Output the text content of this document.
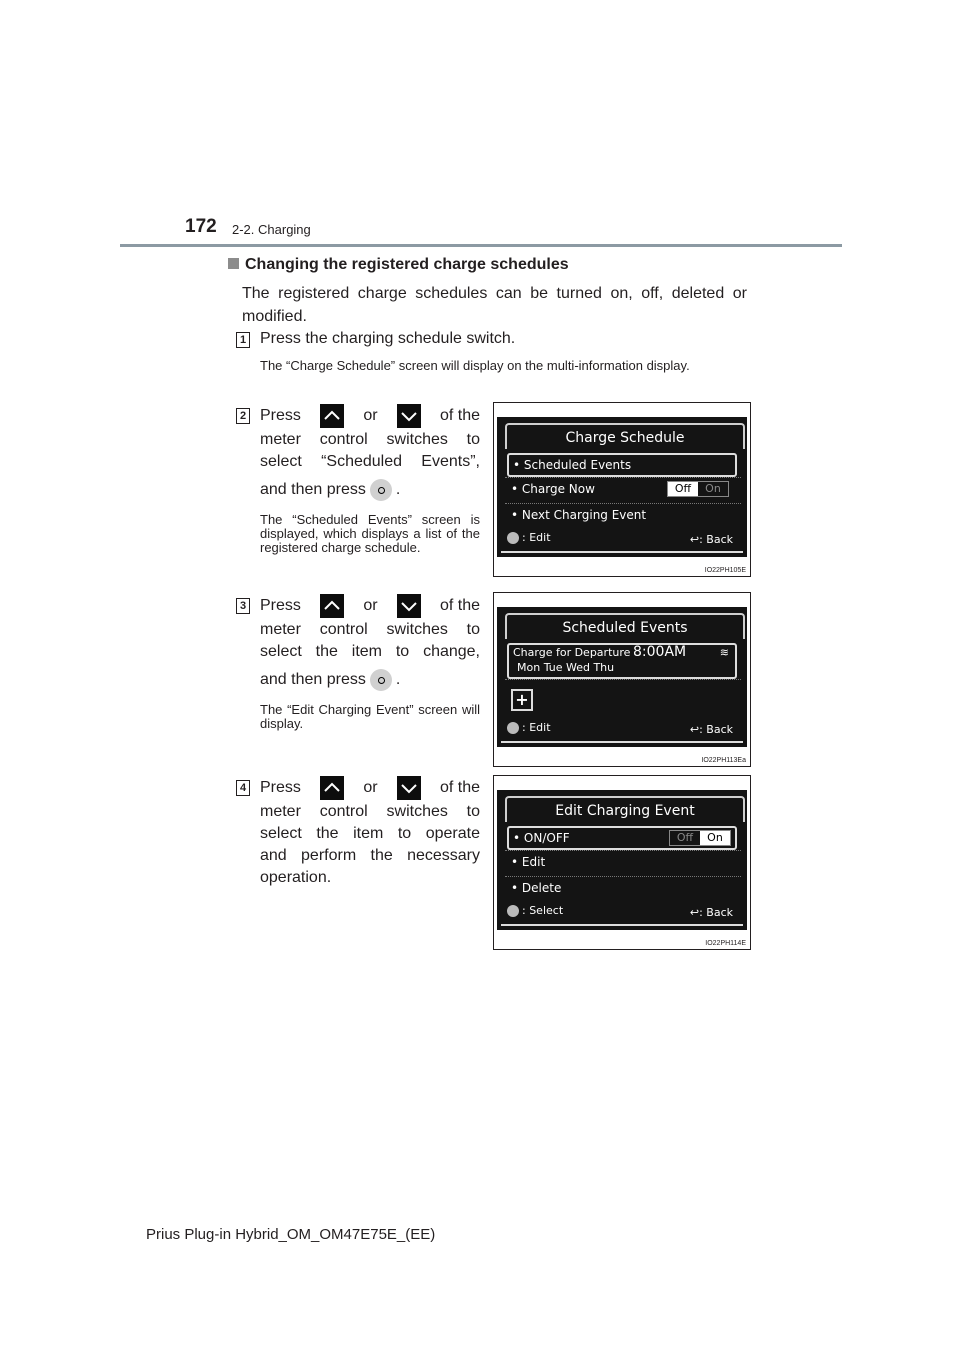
172 2-2. Charging
Changing the registered charge schedules
The registered charge schedules can be turned on, off, deleted or modified.
1 Press the charging schedule switch.
The “Charge Schedule” screen will display on the multi-information display.
2 Press	or	of the
meter control switches to
select “Scheduled Events”,
and then press .
The “Scheduled Events” screen is displayed, which displays a list of the registered charge schedule.
3 Press	or	of the
meter control switches to
select the item to change,
and then press .
The “Edit Charging Event” screen will display.
4 Press	or	of the
meter control switches to
select the item to operate
and perform the necessary
operation.
Charge Schedule
• Scheduled Events
• Charge Now	Off	On
• Next Charging Event
: Edit	↩: Back
IO22PH105E
Scheduled Events
Charge for Departure 8:00AM	≋
Mon Tue Wed Thu
+
: Edit	↩: Back
IO22PH113Ea
Edit Charging Event
• ON/OFF	Off	On
• Edit
• Delete
: Select	↩: Back
IO22PH114E
Prius Plug-in Hybrid_OM_OM47E75E_(EE)
